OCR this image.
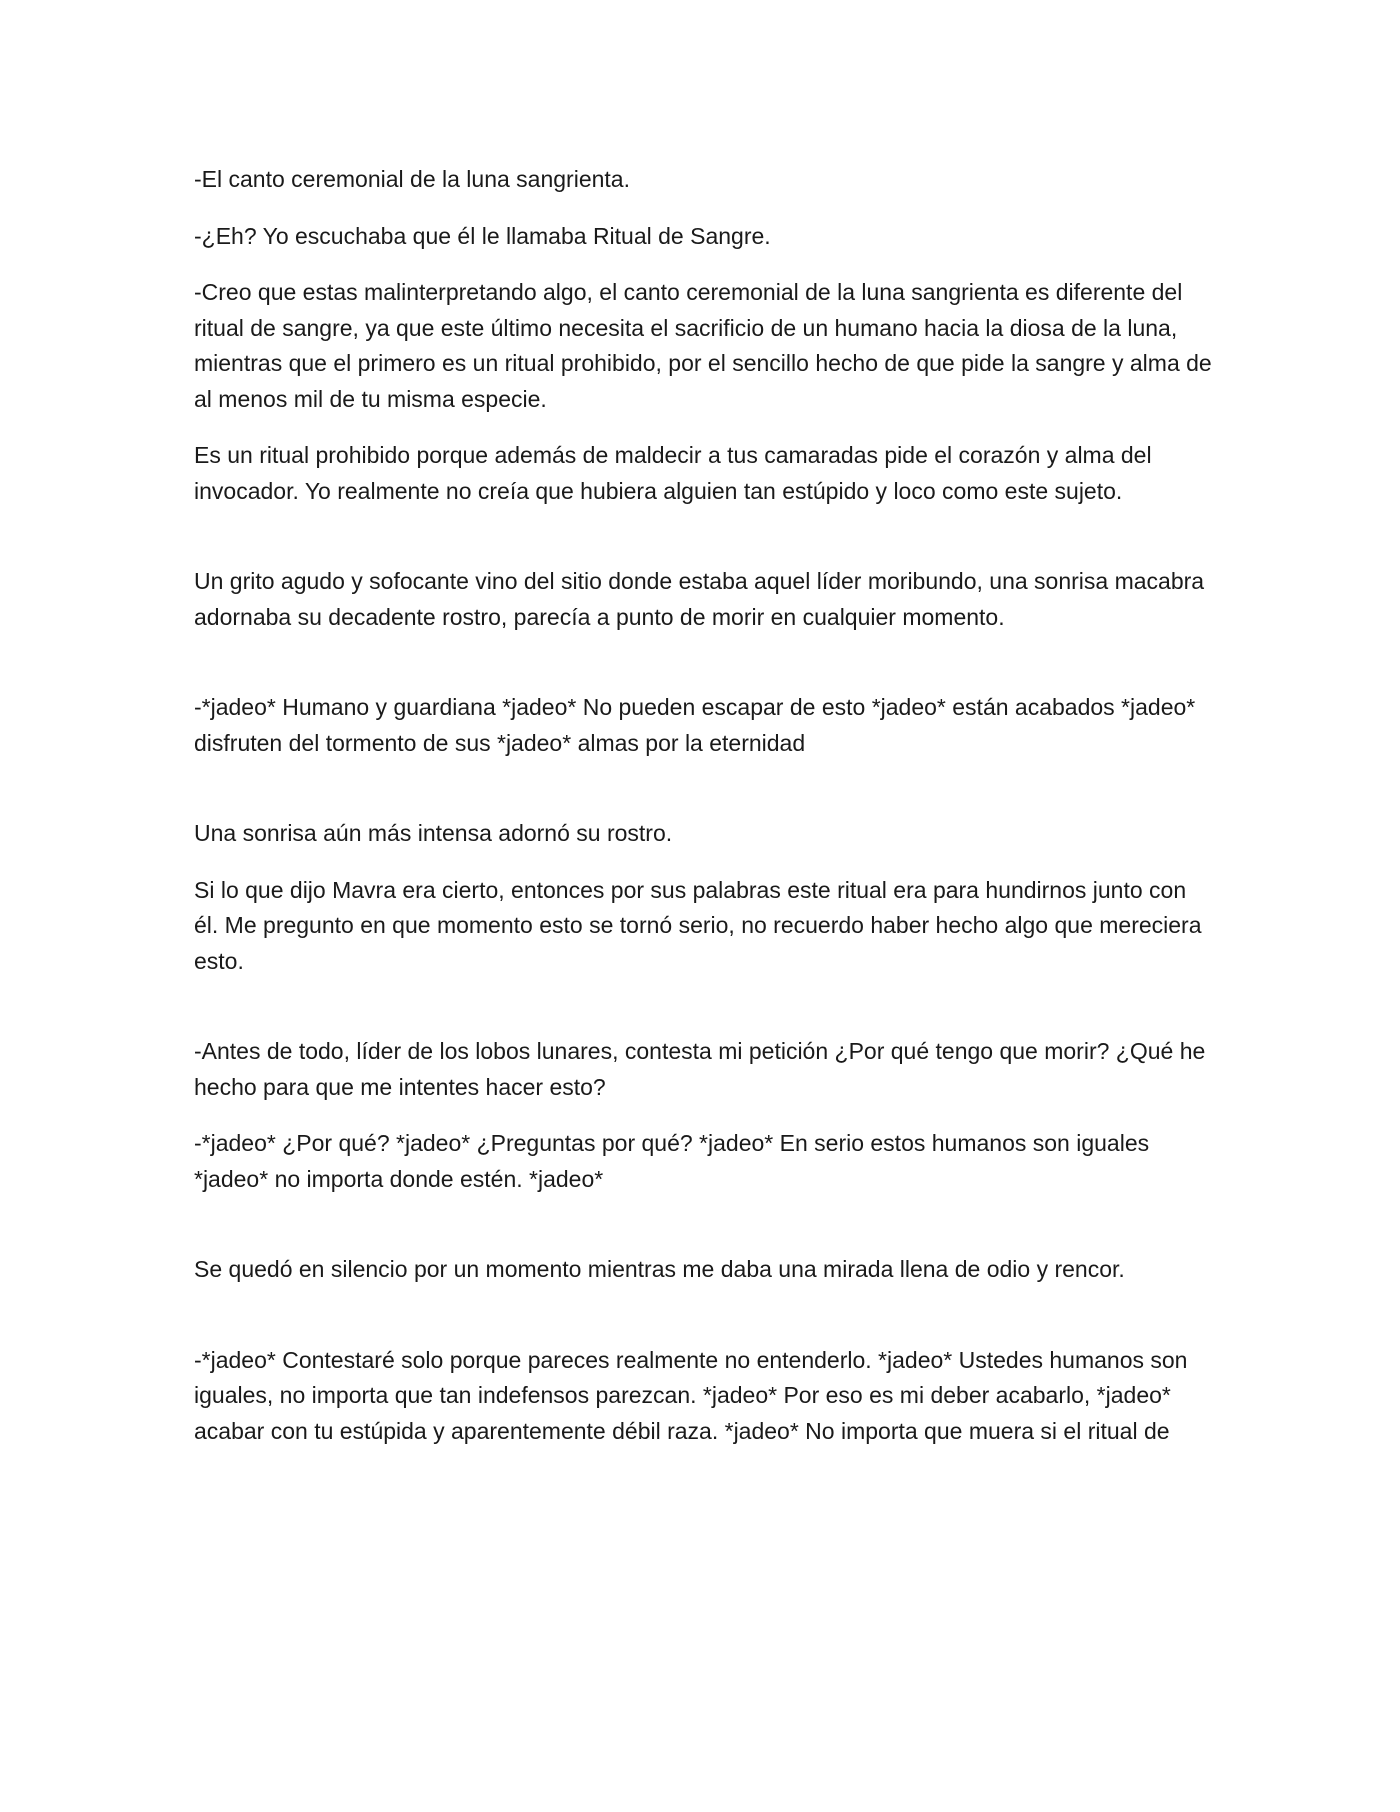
-El canto ceremonial de la luna sangrienta.

-¿Eh? Yo escuchaba que él le llamaba Ritual de Sangre.

-Creo que estas malinterpretando algo, el canto ceremonial de la luna sangrienta es diferente del ritual de sangre, ya que este último necesita el sacrificio de un humano hacia la diosa de la luna, mientras que el primero es un ritual prohibido, por el sencillo hecho de que pide la sangre y alma de al menos mil de tu misma especie.

Es un ritual prohibido porque además de maldecir a tus camaradas pide el corazón y alma del invocador. Yo realmente no creía que hubiera alguien tan estúpido y loco como este sujeto.

Un grito agudo y sofocante vino del sitio donde estaba aquel líder moribundo, una sonrisa macabra adornaba su decadente rostro, parecía a punto de morir en cualquier momento.

-*jadeo* Humano y guardiana *jadeo* No pueden escapar de esto *jadeo* están acabados *jadeo* disfruten del tormento de sus *jadeo* almas por la eternidad

Una sonrisa aún más intensa adornó su rostro.

Si lo que dijo Mavra era cierto, entonces por sus palabras este ritual era para hundirnos junto con él. Me pregunto en que momento esto se tornó serio, no recuerdo haber hecho algo que mereciera esto.

-Antes de todo, líder de los lobos lunares, contesta mi petición ¿Por qué tengo que morir? ¿Qué he hecho para que me intentes hacer esto?

-*jadeo* ¿Por qué? *jadeo* ¿Preguntas por qué? *jadeo* En serio estos humanos son iguales *jadeo* no importa donde estén. *jadeo*

Se quedó en silencio por un momento mientras me daba una mirada llena de odio y rencor.

-*jadeo* Contestaré solo porque pareces realmente no entenderlo. *jadeo* Ustedes humanos son iguales, no importa que tan indefensos parezcan. *jadeo* Por eso es mi deber acabarlo, *jadeo* acabar con tu estúpida y aparentemente débil raza. *jadeo* No importa que muera si el ritual de
